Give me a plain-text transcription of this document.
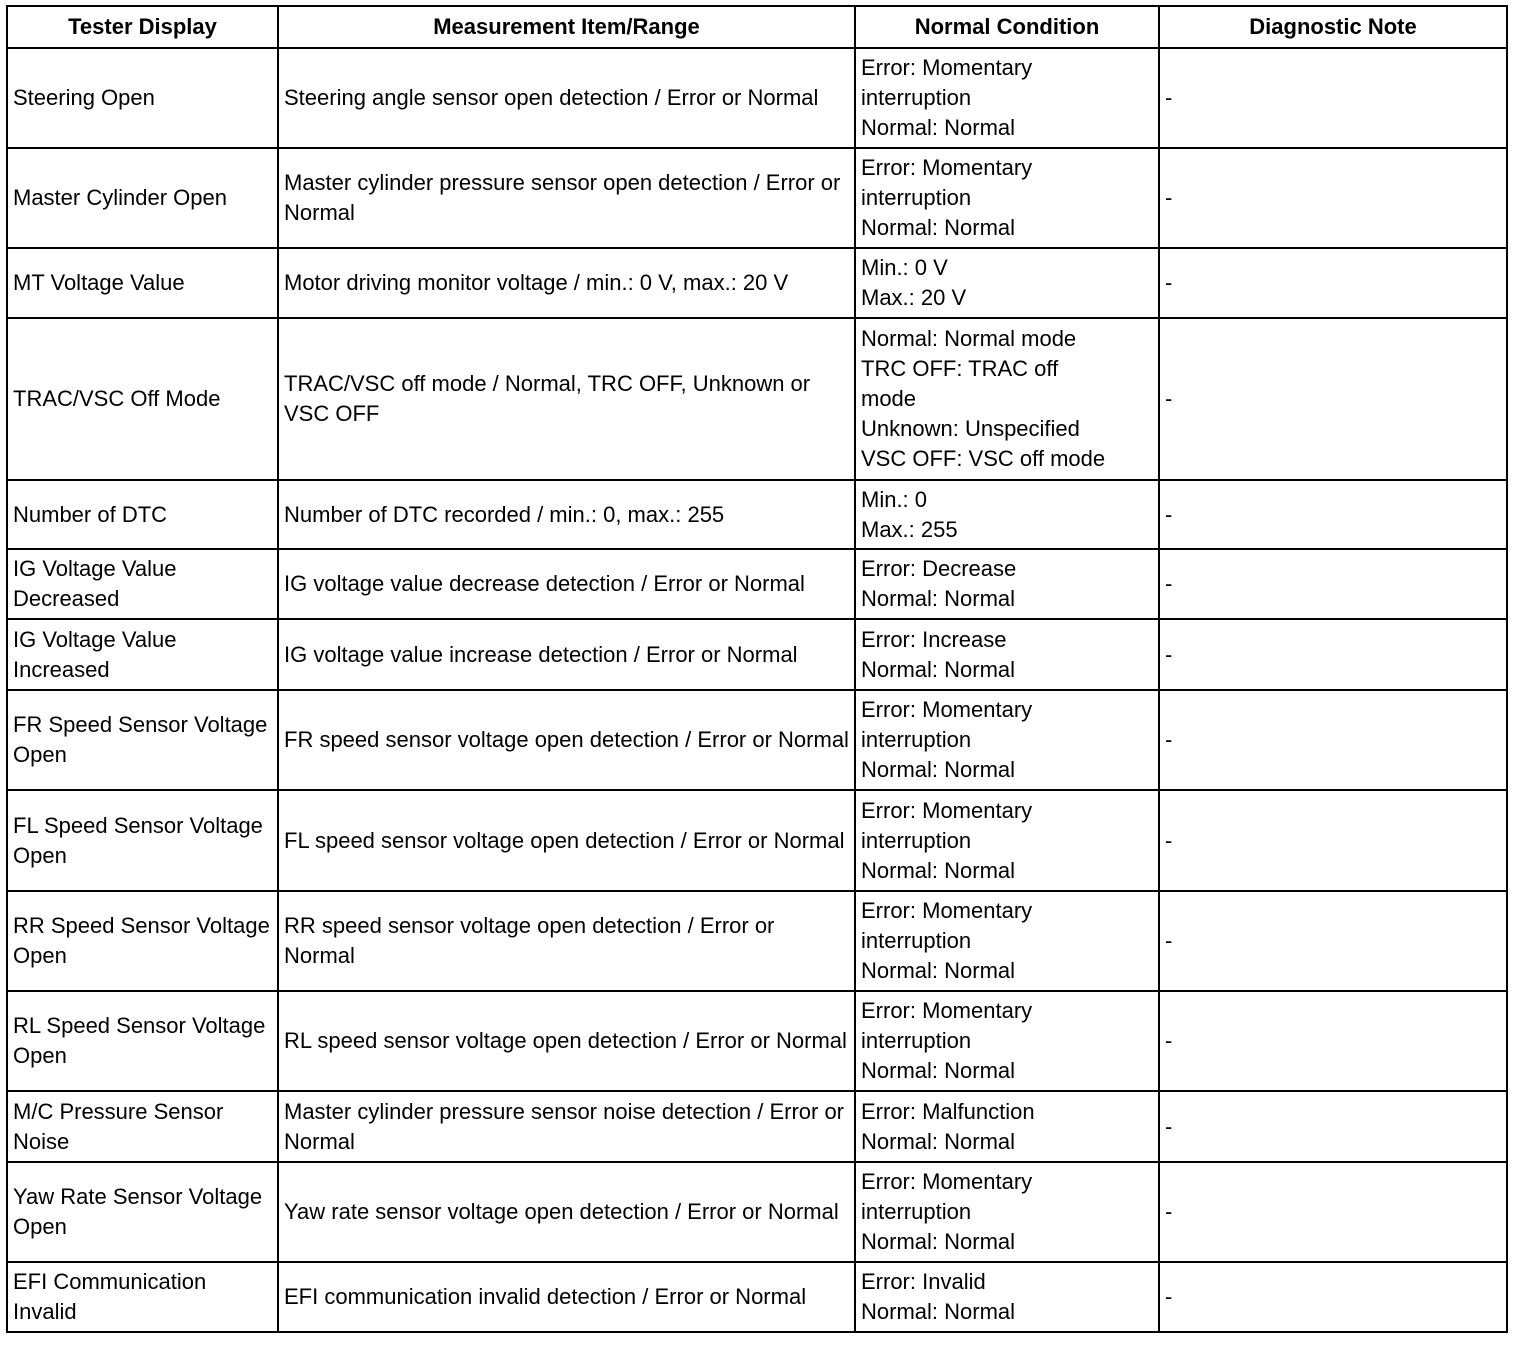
Tester Display	Measurement Item/Range	Normal Condition	Diagnostic Note
Steering Open	Steering angle sensor open detection / Error or Normal	Error: Momentary
interruption
Normal: Normal	-
Master Cylinder Open	Master cylinder pressure sensor open detection / Error or Normal	Error: Momentary
interruption
Normal: Normal	-
MT Voltage Value	Motor driving monitor voltage / min.: 0 V, max.: 20 V	Min.: 0 V
Max.: 20 V	-
TRAC/VSC Off Mode	TRAC/VSC off mode / Normal, TRC OFF, Unknown or VSC OFF	Normal: Normal mode
TRC OFF: TRAC off
mode
Unknown: Unspecified
VSC OFF: VSC off mode	-
Number of DTC	Number of DTC recorded / min.: 0, max.: 255	Min.: 0
Max.: 255	-
IG Voltage Value Decreased	IG voltage value decrease detection / Error or Normal	Error: Decrease
Normal: Normal	-
IG Voltage Value Increased	IG voltage value increase detection / Error or Normal	Error: Increase
Normal: Normal	-
FR Speed Sensor Voltage Open	FR speed sensor voltage open detection / Error or Normal	Error: Momentary
interruption
Normal: Normal	-
FL Speed Sensor Voltage Open	FL speed sensor voltage open detection / Error or Normal	Error: Momentary
interruption
Normal: Normal	-
RR Speed Sensor Voltage Open	RR speed sensor voltage open detection / Error or Normal	Error: Momentary
interruption
Normal: Normal	-
RL Speed Sensor Voltage Open	RL speed sensor voltage open detection / Error or Normal	Error: Momentary
interruption
Normal: Normal	-
M/C Pressure Sensor Noise	Master cylinder pressure sensor noise detection / Error or Normal	Error: Malfunction
Normal: Normal	-
Yaw Rate Sensor Voltage Open	Yaw rate sensor voltage open detection / Error or Normal	Error: Momentary
interruption
Normal: Normal	-
EFI Communication Invalid	EFI communication invalid detection / Error or Normal	Error: Invalid
Normal: Normal	-
